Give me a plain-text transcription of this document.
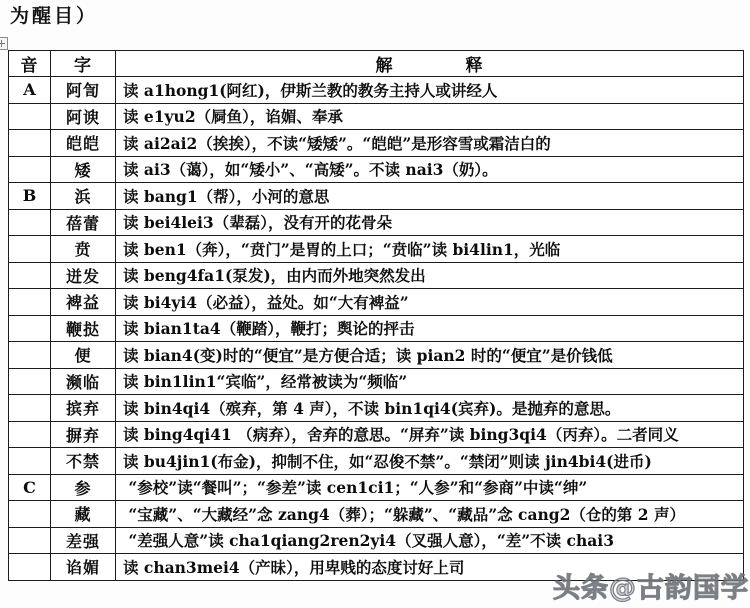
为醒目）
音	字	解　　　　释
A	阿訇	读 a1hong1(阿红)，伊斯兰教的教务主持人或讲经人
	阿谀	读 e1yu2（屙鱼），谄媚、奉承
	皑皑	读 ai2ai2（挨挨），不读“矮矮”。“皑皑”是形容雪或霜洁白的
	矮	读 ai3（蔼），如“矮小”、“高矮”。不读 nai3（奶）。
B	浜	读 bang1（帮），小河的意思
	蓓蕾	读 bei4lei3（辈磊），没有开的花骨朵
	贲	读 ben1（奔），“贲门”是胃的上口；“贲临”读 bi4lin1，光临
	迸发	读 beng4fa1(泵发)，由内而外地突然发出
	裨益	读 bi4yi4（必益），益处。如“大有裨益”
	鞭挞	读 bian1ta4（鞭踏），鞭打；舆论的抨击
	便	读 bian4(变)时的“便宜”是方便合适；读 pian2 时的“便宜”是价钱低
	濒临	读 bin1lin1“宾临”，经常被读为“频临”
	摈弃	读 bin4qi4（殡弃，第 4 声），不读 bin1qi4(宾弃)。是抛弃的意思。
	摒弃	读 bing4qi41 （病弃），舍弃的意思。“屏弃”读 bing3qi4（丙弃）。二者同义
	不禁	读 bu4jin1(布金)，抑制不住，如“忍俊不禁”。“禁闭”则读 jin4bi4(进币)
C	参	“参校”读“餐叫”；“参差”读 cen1ci1；“人参”和“参商”中读“绅”
	藏	“宝藏”、“大藏经”念 zang4（葬）；“躲藏”、“藏品”念 cang2（仓的第 2 声）
	差强	“差强人意”读 cha1qiang2ren2yi4（叉强人意），“差”不读 chai3
	谄媚	读 chan3mei4（产昧），用卑贱的态度讨好上司
头条@古韵国学
